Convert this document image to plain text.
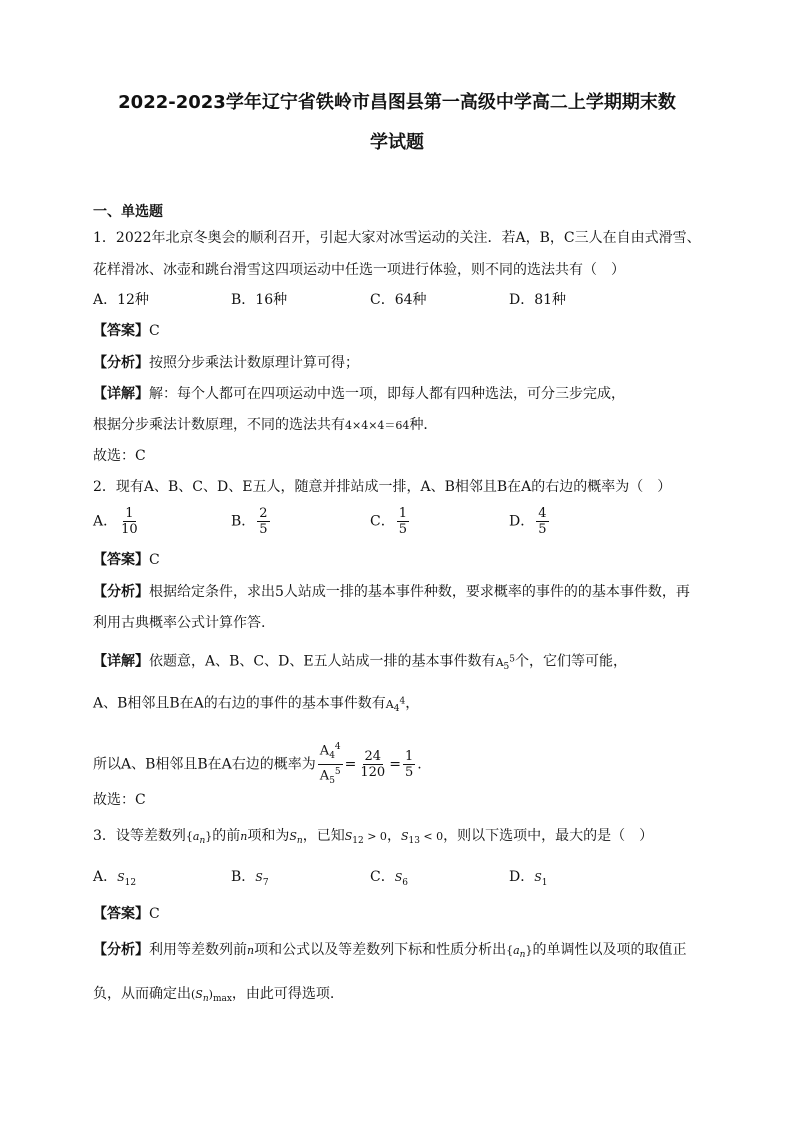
2022-2023学年辽宁省铁岭市昌图县第一高级中学高二上学期期末数
学试题
一、单选题
1．2022年北京冬奥会的顺利召开，引起大家对冰雪运动的关注．若A，B，C三人在自由式滑雪、
花样滑冰、冰壶和跳台滑雪这四项运动中任选一项进行体验，则不同的选法共有（　）
A．12种	B．16种	C．64种	D．81种
【答案】C
【分析】按照分步乘法计数原理计算可得；
【详解】解：每个人都可在四项运动中选一项，即每人都有四种选法，可分三步完成，
根据分步乘法计数原理，不同的选法共有4×4×4＝64种．
故选：C
2．现有A、B、C、D、E五人，随意并排站成一排，A、B相邻且B在A的右边的概率为（　）
A． $\frac{1}{10}$	B． $\frac{2}{5}$	C． $\frac{1}{5}$	D． $\frac{4}{5}$
【答案】C
【分析】根据给定条件，求出5人站成一排的基本事件种数，要求概率的事件的的基本事件数，再
利用古典概率公式计算作答.
【详解】依题意，A、B、C、D、E五人站成一排的基本事件数有$A_5^5$个，它们等可能，
A、B相邻且B在A的右边的事件的基本事件数有$A_4^4$，
所以A、B相邻且B在A右边的概率为 $\frac{A_4^4}{A_5^5} = \frac{24}{120} = \frac{1}{5}$ .
故选：C
3．设等差数列$\{a_n\}$的前n项和为$S_n$，已知$S_{12} > 0$，$S_{13} < 0$，则以下选项中，最大的是（　）
A．$S_{12}$	B．$S_7$	C．$S_6$	D．$S_1$
【答案】C
【分析】利用等差数列前n项和公式以及等差数列下标和性质分析出$\{a_n\}$的单调性以及项的取值正
负，从而确定出$(S_n)_{max}$，由此可得选项.
